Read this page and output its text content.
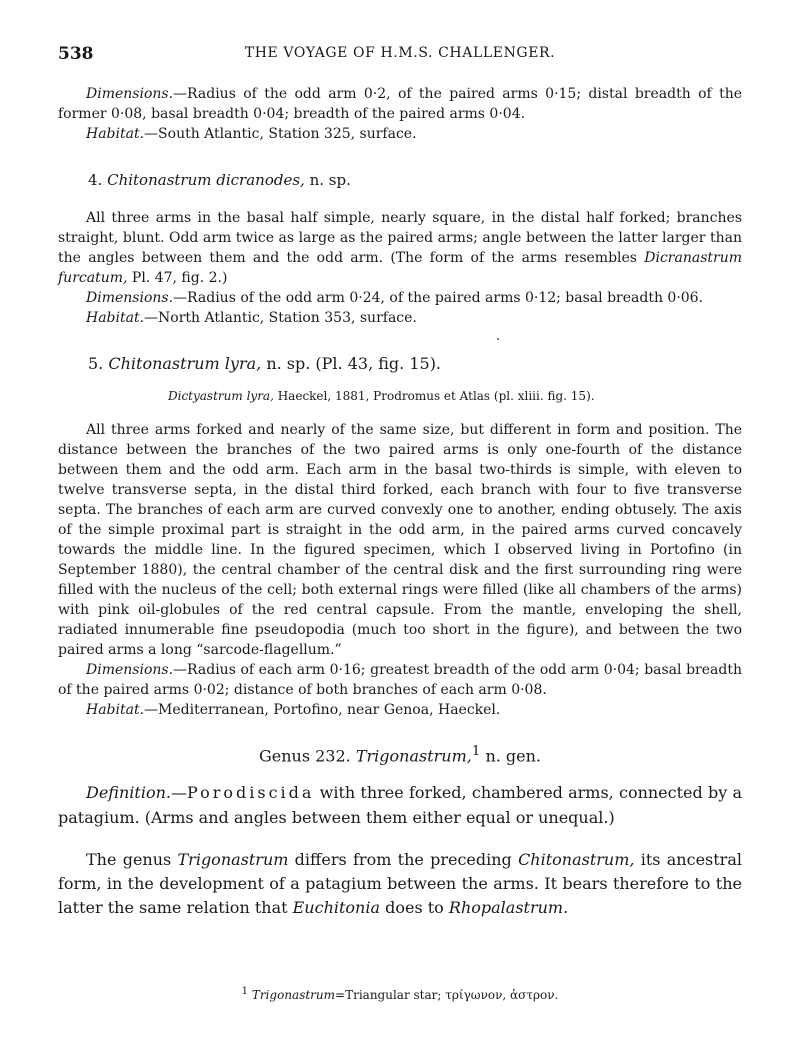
538	THE VOYAGE OF H.M.S. CHALLENGER.

Dimensions.—Radius of the odd arm 0·2, of the paired arms 0·15; distal breadth of the former 0·08, basal breadth 0·04; breadth of the paired arms 0·04.

Habitat.—South Atlantic, Station 325, surface.

4. Chitonastrum dicranodes, n. sp.

All three arms in the basal half simple, nearly square, in the distal half forked; branches straight, blunt. Odd arm twice as large as the paired arms; angle between the latter larger than the angles between them and the odd arm. (The form of the arms resembles Dicranastrum furcatum, Pl. 47, fig. 2.)

Dimensions.—Radius of the odd arm 0·24, of the paired arms 0·12; basal breadth 0·06.

Habitat.—North Atlantic, Station 353, surface.

5. Chitonastrum lyra, n. sp. (Pl. 43, fig. 15).

Dictyastrum lyra, Haeckel, 1881, Prodromus et Atlas (pl. xliii. fig. 15).

All three arms forked and nearly of the same size, but different in form and position. The distance between the branches of the two paired arms is only one-fourth of the distance between them and the odd arm. Each arm in the basal two-thirds is simple, with eleven to twelve transverse septa, in the distal third forked, each branch with four to five transverse septa. The branches of each arm are curved convexly one to another, ending obtusely. The axis of the simple proximal part is straight in the odd arm, in the paired arms curved concavely towards the middle line. In the figured specimen, which I observed living in Portofino (in September 1880), the central chamber of the central disk and the first surrounding ring were filled with the nucleus of the cell; both external rings were filled (like all chambers of the arms) with pink oil-globules of the red central capsule. From the mantle, enveloping the shell, radiated innumerable fine pseudopodia (much too short in the figure), and between the two paired arms a long “sarcode-flagellum.”

Dimensions.—Radius of each arm 0·16; greatest breadth of the odd arm 0·04; basal breadth of the paired arms 0·02; distance of both branches of each arm 0·08.

Habitat.—Mediterranean, Portofino, near Genoa, Haeckel.

Genus 232. Trigonastrum,$^1$ n. gen.

Definition.—Porodiscida with three forked, chambered arms, connected by a patagium. (Arms and angles between them either equal or unequal.)

The genus Trigonastrum differs from the preceding Chitonastrum, its ancestral form, in the development of a patagium between the arms. It bears therefore to the latter the same relation that Euchitonia does to Rhopalastrum.

$^1$ Trigonastrum=Triangular star; τρίγωνον, ἀστρον.
